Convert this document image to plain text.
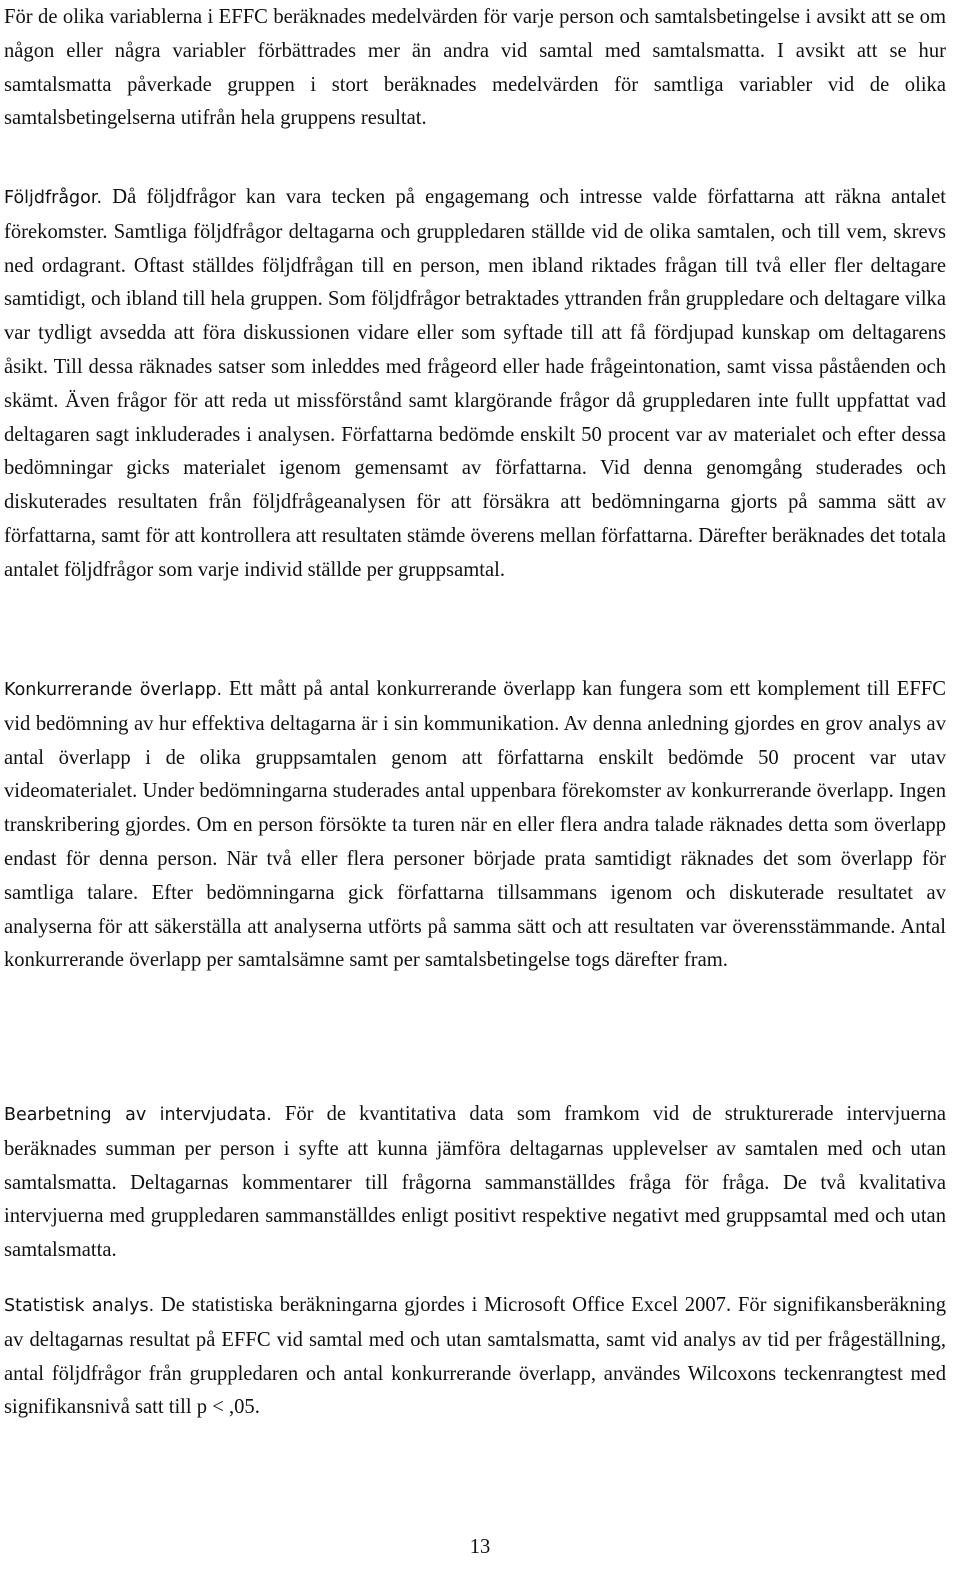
För de olika variablerna i EFFC beräknades medelvärden för varje person och samtalsbetingelse i avsikt att se om någon eller några variabler förbättrades mer än andra vid samtal med samtalsmatta. I avsikt att se hur samtalsmatta påverkade gruppen i stort beräknades medelvärden för samtliga variabler vid de olika samtalsbetingelserna utifrån hela gruppens resultat.

Följdfrågor. Då följdfrågor kan vara tecken på engagemang och intresse valde författarna att räkna antalet förekomster. Samtliga följdfrågor deltagarna och gruppledaren ställde vid de olika samtalen, och till vem, skrevs ned ordagrant. Oftast ställdes följdfrågan till en person, men ibland riktades frågan till två eller fler deltagare samtidigt, och ibland till hela gruppen. Som följdfrågor betraktades yttranden från gruppledare och deltagare vilka var tydligt avsedda att föra diskussionen vidare eller som syftade till att få fördjupad kunskap om deltagarens åsikt. Till dessa räknades satser som inleddes med frågeord eller hade frågeintonation, samt vissa påståenden och skämt. Även frågor för att reda ut missförstånd samt klargörande frågor då gruppledaren inte fullt uppfattat vad deltagaren sagt inkluderades i analysen. Författarna bedömde enskilt 50 procent var av materialet och efter dessa bedömningar gicks materialet igenom gemensamt av författarna. Vid denna genomgång studerades och diskuterades resultaten från följdfrågeanalysen för att försäkra att bedömningarna gjorts på samma sätt av författarna, samt för att kontrollera att resultaten stämde överens mellan författarna. Därefter beräknades det totala antalet följdfrågor som varje individ ställde per gruppsamtal.

Konkurrerande överlapp. Ett mått på antal konkurrerande överlapp kan fungera som ett komplement till EFFC vid bedömning av hur effektiva deltagarna är i sin kommunikation. Av denna anledning gjordes en grov analys av antal överlapp i de olika gruppsamtalen genom att författarna enskilt bedömde 50 procent var utav videomaterialet. Under bedömningarna studerades antal uppenbara förekomster av konkurrerande överlapp. Ingen transkribering gjordes. Om en person försökte ta turen när en eller flera andra talade räknades detta som överlapp endast för denna person. När två eller flera personer började prata samtidigt räknades det som överlapp för samtliga talare. Efter bedömningarna gick författarna tillsammans igenom och diskuterade resultatet av analyserna för att säkerställa att analyserna utförts på samma sätt och att resultaten var överensstämmande. Antal konkurrerande överlapp per samtalsämne samt per samtalsbetingelse togs därefter fram.

Bearbetning av intervjudata. För de kvantitativa data som framkom vid de strukturerade intervjuerna beräknades summan per person i syfte att kunna jämföra deltagarnas upplevelser av samtalen med och utan samtalsmatta. Deltagarnas kommentarer till frågorna sammanställdes fråga för fråga. De två kvalitativa intervjuerna med gruppledaren sammanställdes enligt positivt respektive negativt med gruppsamtal med och utan samtalsmatta.

Statistisk analys. De statistiska beräkningarna gjordes i Microsoft Office Excel 2007. För signifikansberäkning av deltagarnas resultat på EFFC vid samtal med och utan samtalsmatta, samt vid analys av tid per frågeställning, antal följdfrågor från gruppledaren och antal konkurrerande överlapp, användes Wilcoxons teckenrangtest med signifikansnivå satt till p < ,05.

13
